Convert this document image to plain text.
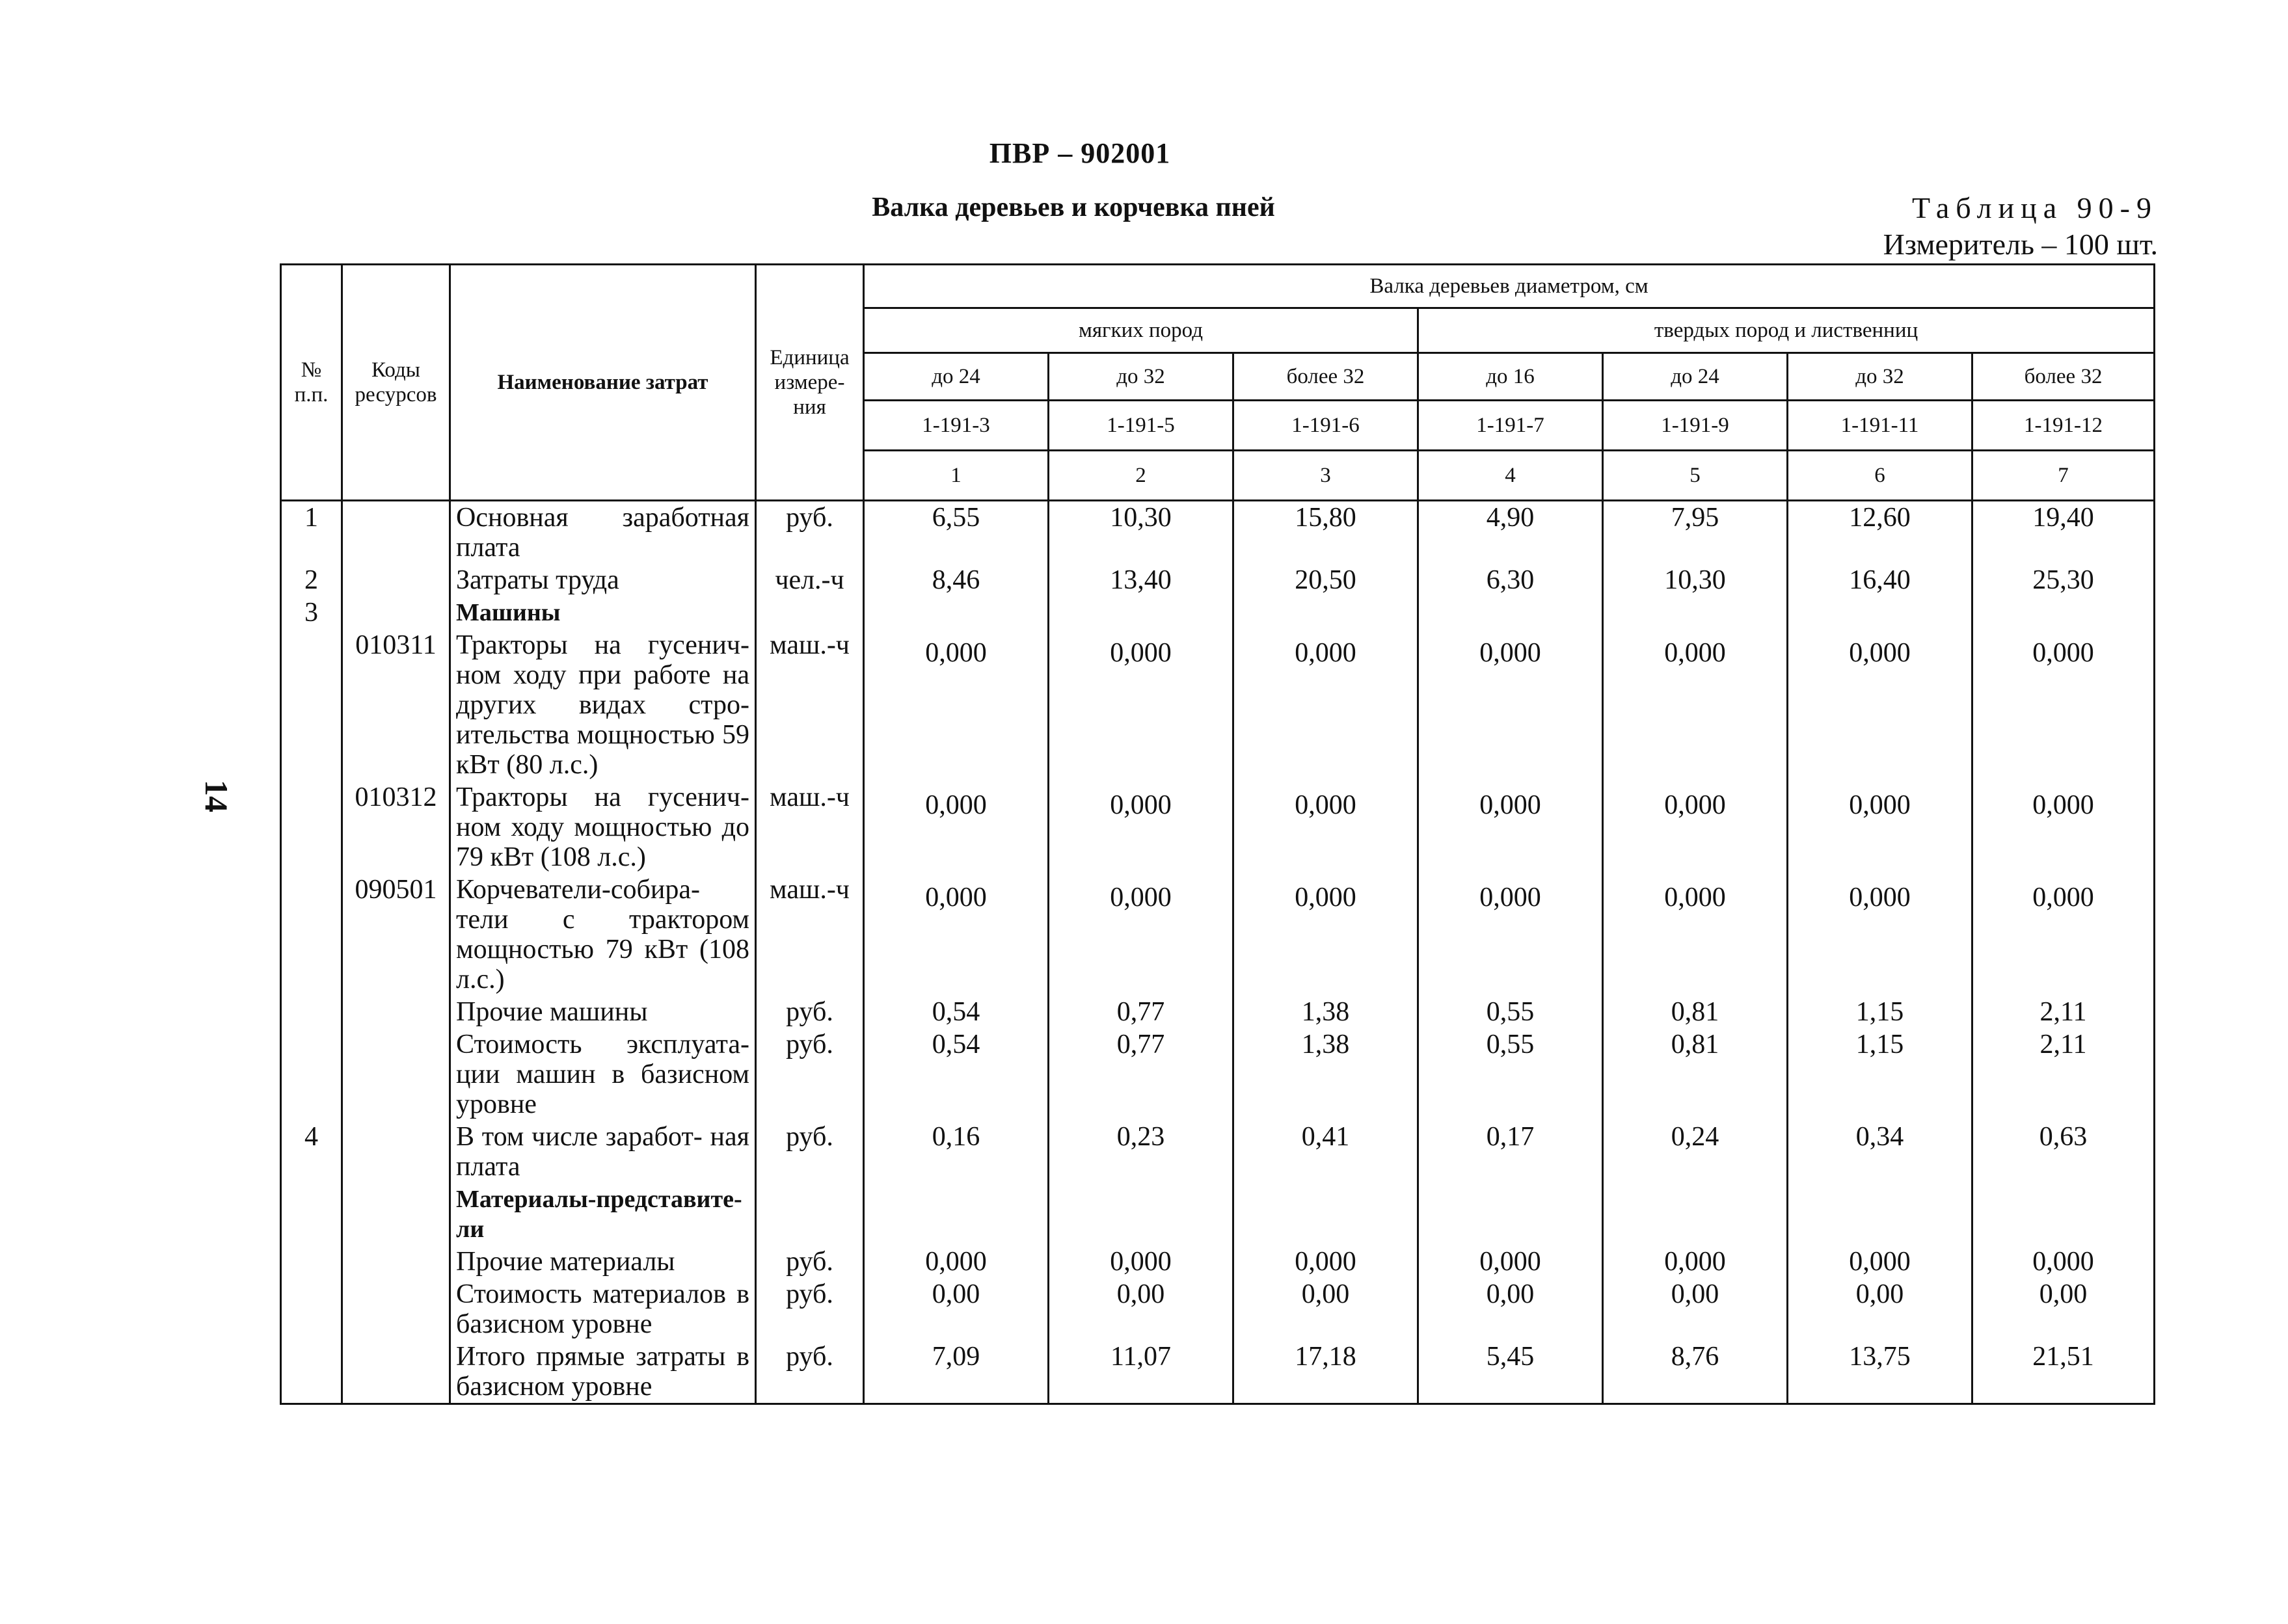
ПВР – 902001
Валка деревьев и корчевка пней	Таблица 90-9
Измеритель – 100 шт.
14
№ п.п.	Коды ресурсов	Наименование затрат	Единица измере- ния	Валка деревьев диаметром, см						
				мягких пород			твердых пород и лиственниц			
				до 24	до 32	более 32	до 16	до 24	до 32	более 32
				1-191-3	1-191-5	1-191-6	1-191-7	1-191-9	1-191-11	1-191-12
				1	2	3	4	5	6	7
1		Основная заработная плата	руб.	6,55	10,30	15,80	4,90	7,95	12,60	19,40
2		Затраты труда	чел.-ч	8,46	13,40	20,50	6,30	10,30	16,40	25,30
3		Машины								
	010311	Тракторы на гусенич- ном ходу при работе на других видах стро- ительства мощностью 59 кВт (80 л.с.)	маш.-ч	0,000	0,000	0,000	0,000	0,000	0,000	0,000
	010312	Тракторы на гусенич- ном ходу мощностью до 79 кВт (108 л.с.)	маш.-ч	0,000	0,000	0,000	0,000	0,000	0,000	0,000
	090501	Корчеватели-собира- тели с трактором мощностью 79 кВт (108 л.с.)	маш.-ч	0,000	0,000	0,000	0,000	0,000	0,000	0,000
		Прочие машины	руб.	0,54	0,77	1,38	0,55	0,81	1,15	2,11
		Стоимость эксплуата- ции машин в базисном уровне	руб.	0,54	0,77	1,38	0,55	0,81	1,15	2,11
4		В том числе заработ- ная плата	руб.	0,16	0,23	0,41	0,17	0,24	0,34	0,63
		Материалы-представите- ли								
		Прочие материалы	руб.	0,000	0,000	0,000	0,000	0,000	0,000	0,000
		Стоимость материалов в базисном уровне	руб.	0,00	0,00	0,00	0,00	0,00	0,00	0,00
		Итого прямые затраты в базисном уровне	руб.	7,09	11,07	17,18	5,45	8,76	13,75	21,51
